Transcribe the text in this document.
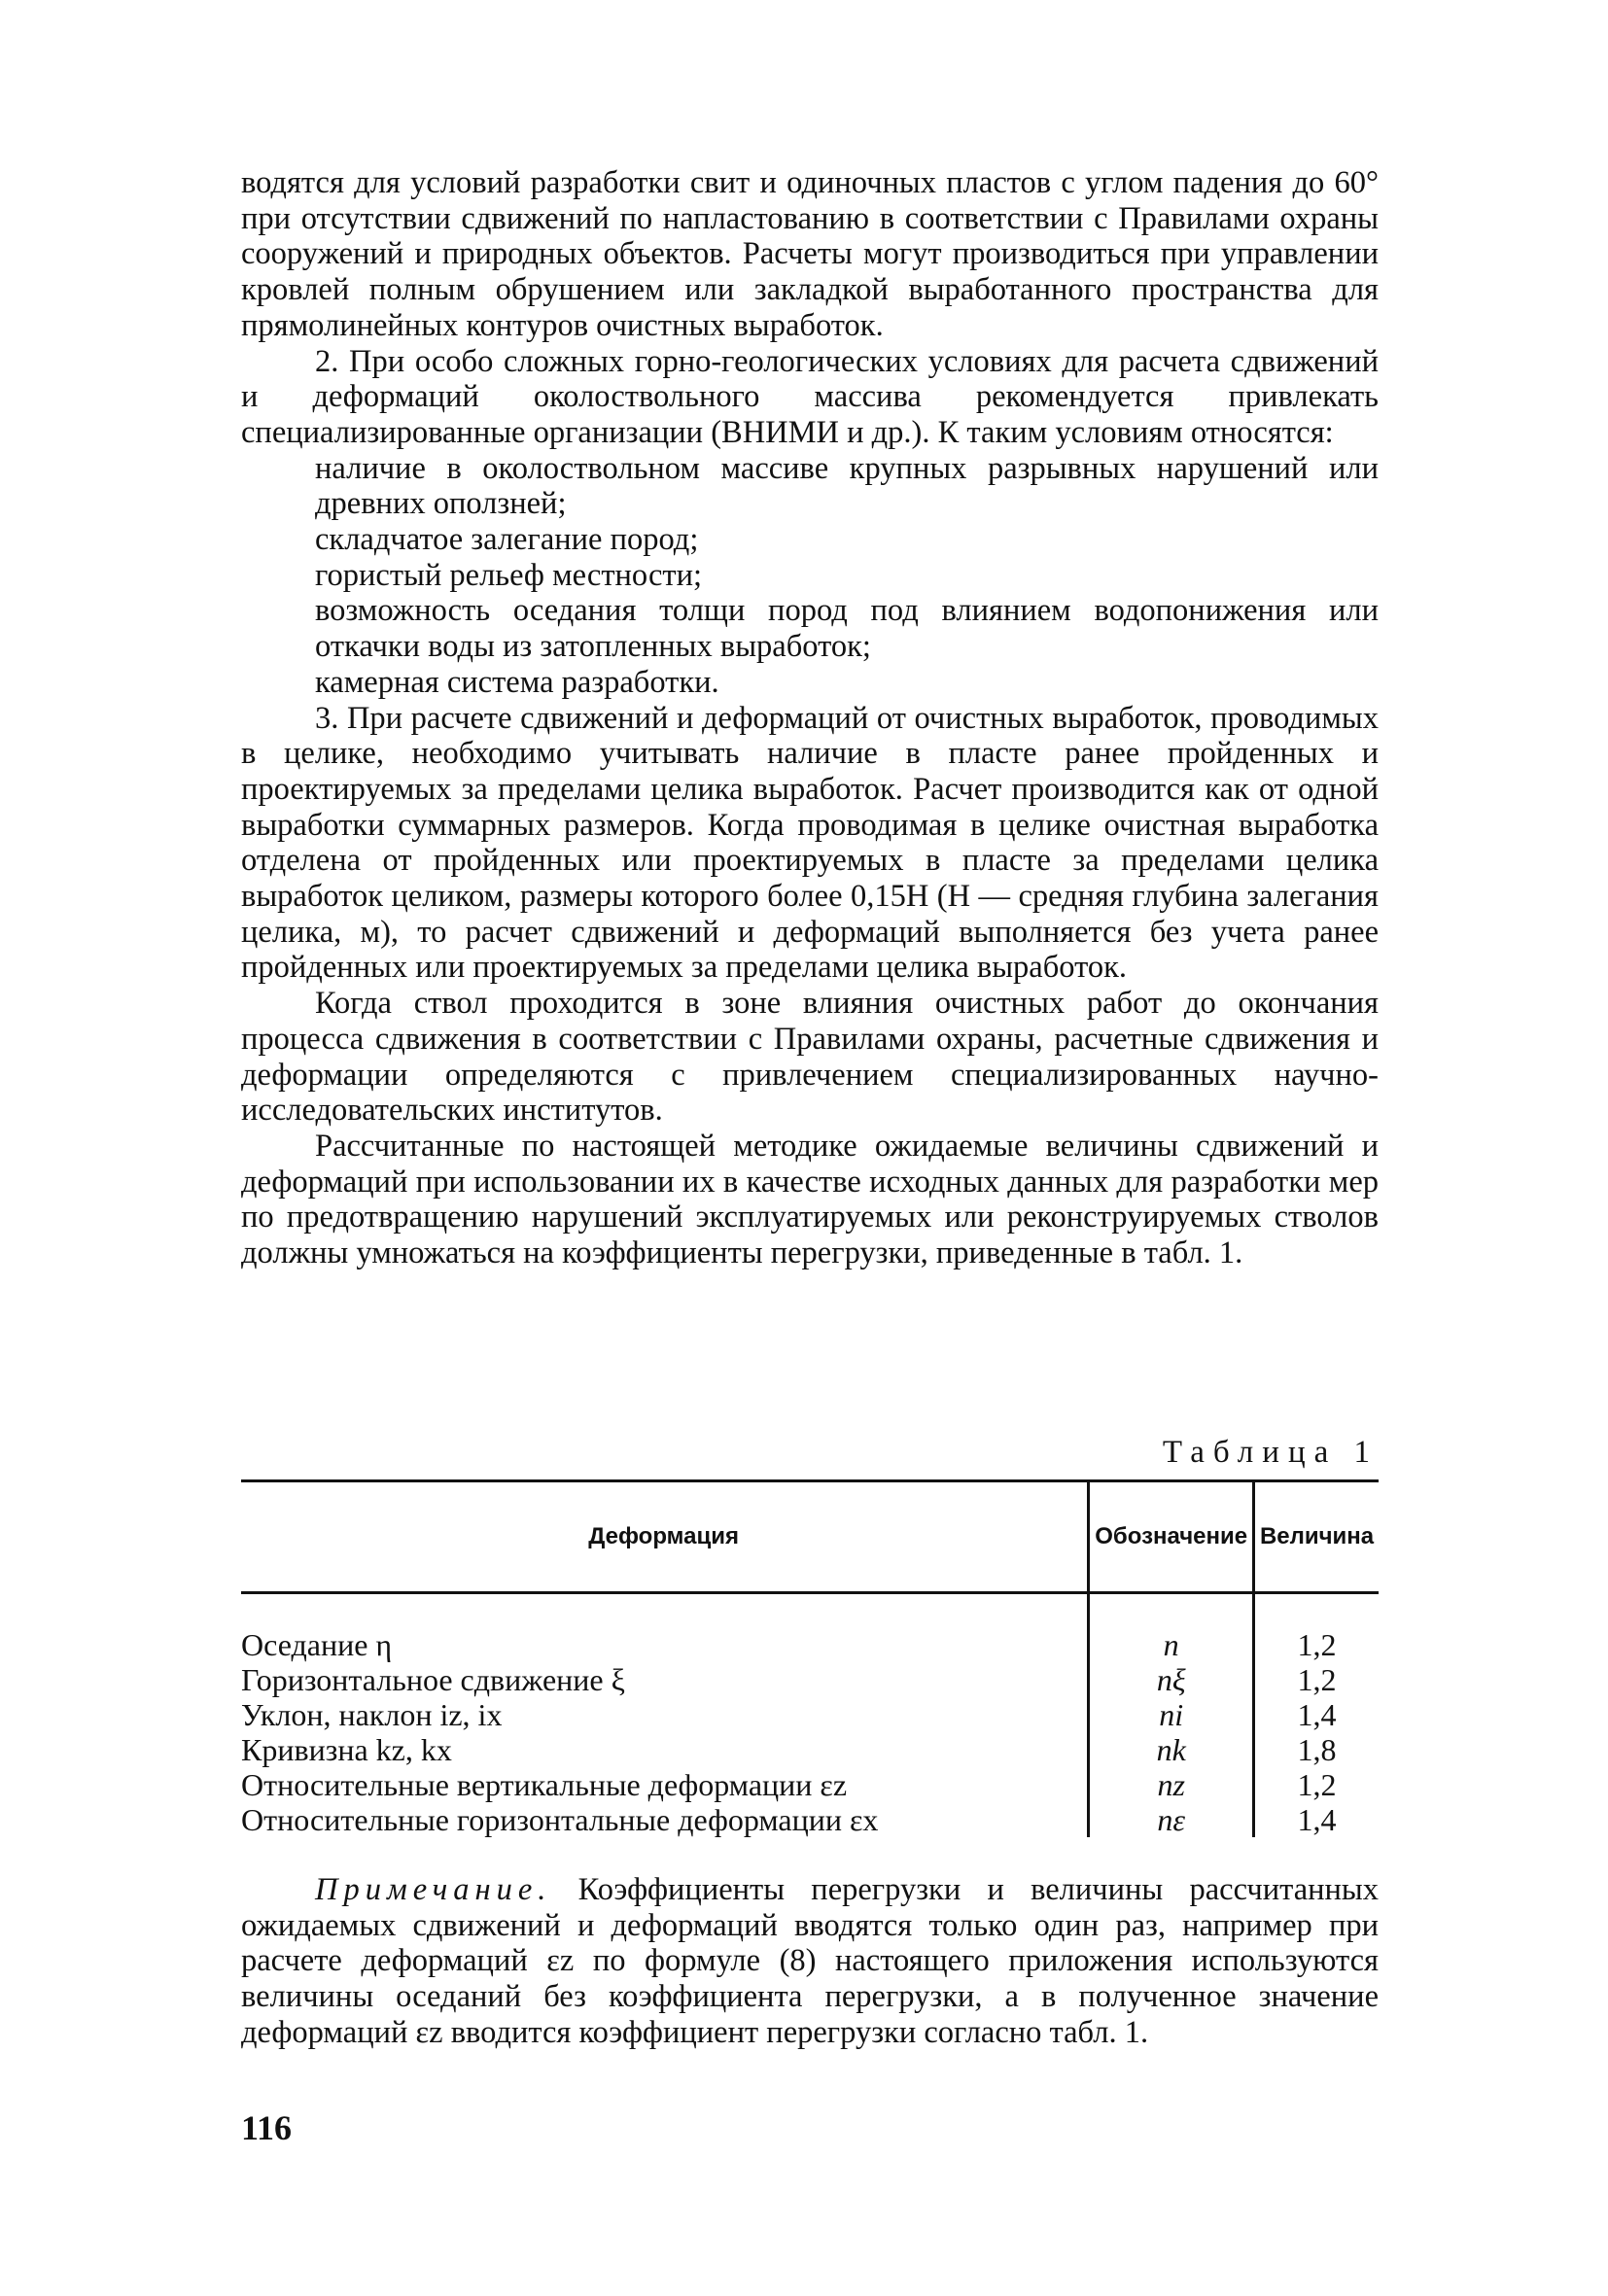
водятся для условий разработки свит и одиночных пластов с углом падения до 60° при отсутствии сдвижений по напластованию в соответствии с Правилами охраны сооружений и природных объектов. Расчеты могут производиться при управлении кровлей полным обрушением или закладкой выработанного пространства для прямолинейных контуров очистных выработок.

2. При особо сложных горно-геологических условиях для расчета сдвижений и деформаций околоствольного массива рекомендуется привлекать специализированные организации (ВНИМИ и др.). К таким условиям относятся:

наличие в околоствольном массиве крупных разрывных нарушений или древних оползней;

складчатое залегание пород;

гористый рельеф местности;

возможность оседания толщи пород под влиянием водопонижения или откачки воды из затопленных выработок;

камерная система разработки.

3. При расчете сдвижений и деформаций от очистных выработок, проводимых в целике, необходимо учитывать наличие в пласте ранее пройденных и проектируемых за пределами целика выработок. Расчет производится как от одной выработки суммарных размеров. Когда проводимая в целике очистная выработка отделена от пройденных или проектируемых в пласте за пределами целика выработок целиком, размеры которого более 0,15H (H — средняя глубина залегания целика, м), то расчет сдвижений и деформаций выполняется без учета ранее пройденных или проектируемых за пределами целика выработок.

Когда ствол проходится в зоне влияния очистных работ до окончания процесса сдвижения в соответствии с Правилами охраны, расчетные сдвижения и деформации определяются с привлечением специализированных научно-исследовательских институтов.

Рассчитанные по настоящей методике ожидаемые величины сдвижений и деформаций при использовании их в качестве исходных данных для разработки мер по предотвращению нарушений эксплуатируемых или реконструируемых стволов должны умножаться на коэффициенты перегрузки, приведенные в табл. 1.

Таблица 1
Деформация	Обозначение	Величина
Оседание η	n	1,2
Горизонтальное сдвижение ξ	nξ	1,2
Уклон, наклон iz, ix	ni	1,4
Кривизна kz, kx	nk	1,8
Относительные вертикальные деформации εz	nz	1,2
Относительные горизонтальные деформации εx	nε	1,4
Примечание. Коэффициенты перегрузки и величины рассчитанных ожидаемых сдвижений и деформаций вводятся только один раз, например при расчете деформаций εz по формуле (8) настоящего приложения используются величины оседаний без коэффициента перегрузки, а в полученное значение деформаций εz вводится коэффициент перегрузки согласно табл. 1.
116
